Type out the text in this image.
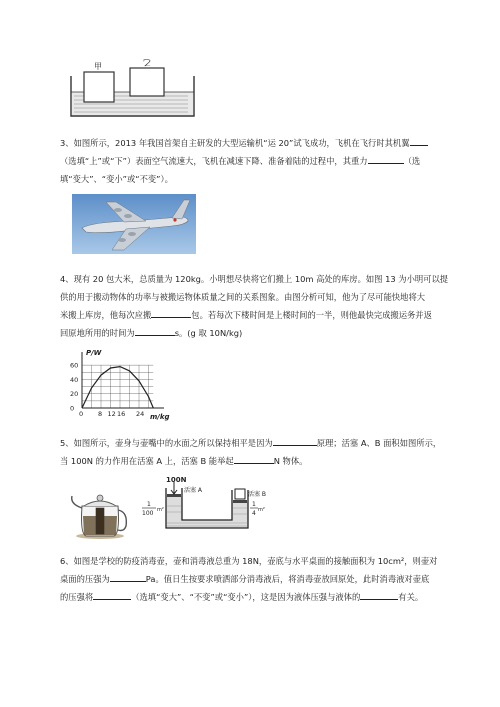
甲	乙
3、如图所示，2013 年我国首架自主研发的大型运输机“运 20”试飞成功，飞机在飞行时其机翼
（选填“上”或“下”）表面空气流速大，飞机在减速下降、准备着陆的过程中，其重力	（选
填“变大”、“变小”或“不变”）。
4、现有 20 包大米，总质量为 120kg。小明想尽快将它们搬上 10m 高处的库房。如图 13 为小明可以提
供的用于搬动物体的功率与被搬运物体质量之间的关系图象。由图分析可知，他为了尽可能快地将大
米搬上库房，他每次应搬	包。若每次下楼时间是上楼时间的一半，则他最快完成搬运务并返
回原地所用的时间为	s。(g 取 10N/kg)
0 8 12 16 24
0
20
40
60
P/W
m/kg
5、如图所示，壶身与壶嘴中的水面之所以保持相平是因为	原理；活塞 A、B 面积如图所示，
当 100N 的力作用在活塞 A 上，活塞 B 能举起	N 物体。
100N
活塞 A
活塞 B
1
100 m²
1
4 m²
6、如图是学校的防疫消毒壶，壶和消毒液总重为 18N，壶底与水平桌面的接触面积为 10cm²，则壶对
桌面的压强为	Pa。值日生按要求喷洒部分消毒液后，将消毒壶放回原处，此时消毒液对壶底
的压强将	（选填“变大”、“不变”或“变小”），这是因为液体压强与液体的	有关。
